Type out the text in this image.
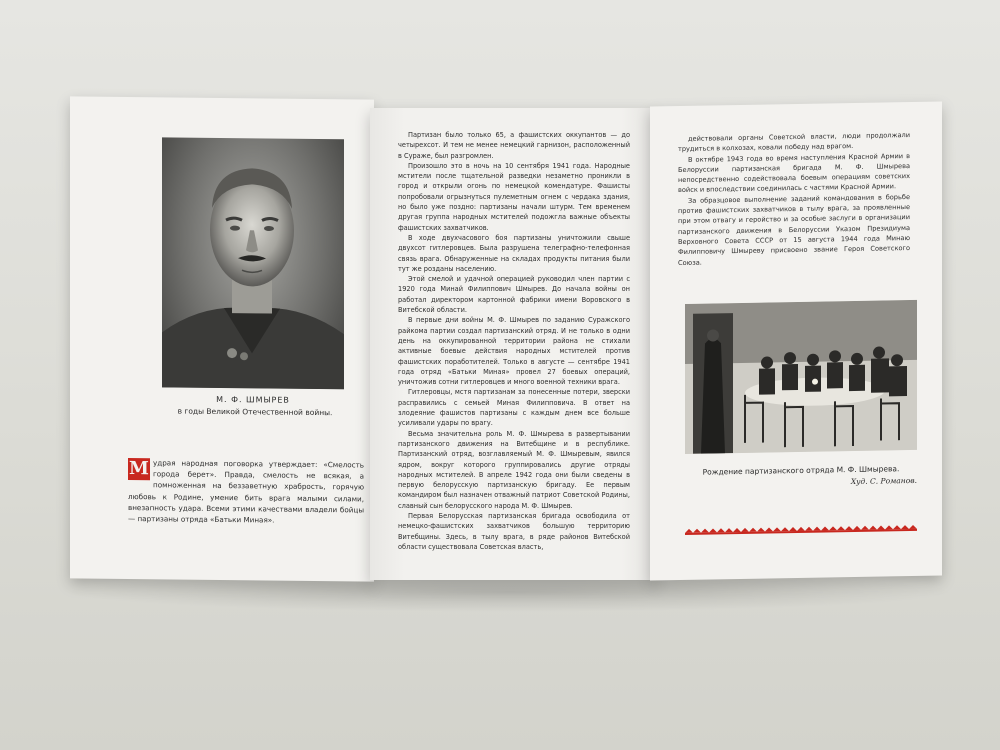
М. Ф. ШМЫРЕВ
в годы Великой Отечественной войны.
М удрая народная поговорка утверждает: «Смелость города берет». Правда, смелость не всякая, а помноженная на беззаветную храбрость, горячую любовь к Родине, умение бить врага малыми силами, внезапность удара. Всеми этими качествами владели бойцы — партизаны отряда «Батьки Миная».

Партизан было только 65, а фашистских оккупантов — до четырехсот. И тем не менее немецкий гарнизон, расположенный в Сураже, был разгромлен.

Произошло это в ночь на 10 сентября 1941 года. Народные мстители после тщательной разведки незаметно проникли в город и открыли огонь по немецкой комендатуре. Фашисты попробовали огрызнуться пулеметным огнем с чердака здания, но было уже поздно: партизаны начали штурм. Тем временем другая группа народных мстителей подожгла важные объекты фашистских захватчиков.

В ходе двухчасового боя партизаны уничтожили свыше двухсот гитлеровцев. Была разрушена телеграфно-телефонная связь врага. Обнаруженные на складах продукты питания были тут же розданы населению.

Этой смелой и удачной операцией руководил член партии с 1920 года Минай Филиппович Шмырев. До начала войны он работал директором картонной фабрики имени Воровского в Витебской области.

В первые дни войны М. Ф. Шмырев по заданию Суражского райкома партии создал партизанский отряд. И не только в одни день на оккупированной территории района не стихали активные боевые действия народных мстителей против фашистских поработителей. Только в августе — сентябре 1941 года отряд «Батьки Миная» провел 27 боевых операций, уничтожив сотни гитлеровцев и много военной техники врага.

Гитлеровцы, мстя партизанам за понесенные потери, зверски расправились с семьей Миная Филипповича. В ответ на злодеяние фашистов партизаны с каждым днем все больше усиливали удары по врагу.

Весьма значительна роль М. Ф. Шмырева в развертывании партизанского движения на Витебщине и в республике. Партизанский отряд, возглавляемый М. Ф. Шмыревым, явился ядром, вокруг которого группировались другие отряды народных мстителей. В апреле 1942 года они были сведены в первую белорусскую партизанскую бригаду. Ее первым командиром был назначен отважный патриот Советской Родины, славный сын белорусского народа М. Ф. Шмырев.

Первая Белорусская партизанская бригада освободила от немецко-фашистских захватчиков большую территорию Витебщины. Здесь, в тылу врага, в ряде районов Витебской области существовала Советская власть,

действовали органы Советской власти, люди продолжали трудиться в колхозах, ковали победу над врагом.

В октябре 1943 года во время наступления Красной Армии в Белоруссии партизанская бригада М. Ф. Шмырева непосредственно содействовала боевым операциям советских войск и впоследствии соединилась с частями Красной Армии.

За образцовое выполнение заданий командования в борьбе против фашистских захватчиков в тылу врага, за проявленные при этом отвагу и геройство и за особые заслуги в организации партизанского движения в Белоруссии Указом Президиума Верховного Совета СССР от 15 августа 1944 года Минаю Филипповичу Шмыреву присвоено звание Героя Советского Союза.

Рождение партизанского отряда М. Ф. Шмырева.
Худ. С. Романов.
